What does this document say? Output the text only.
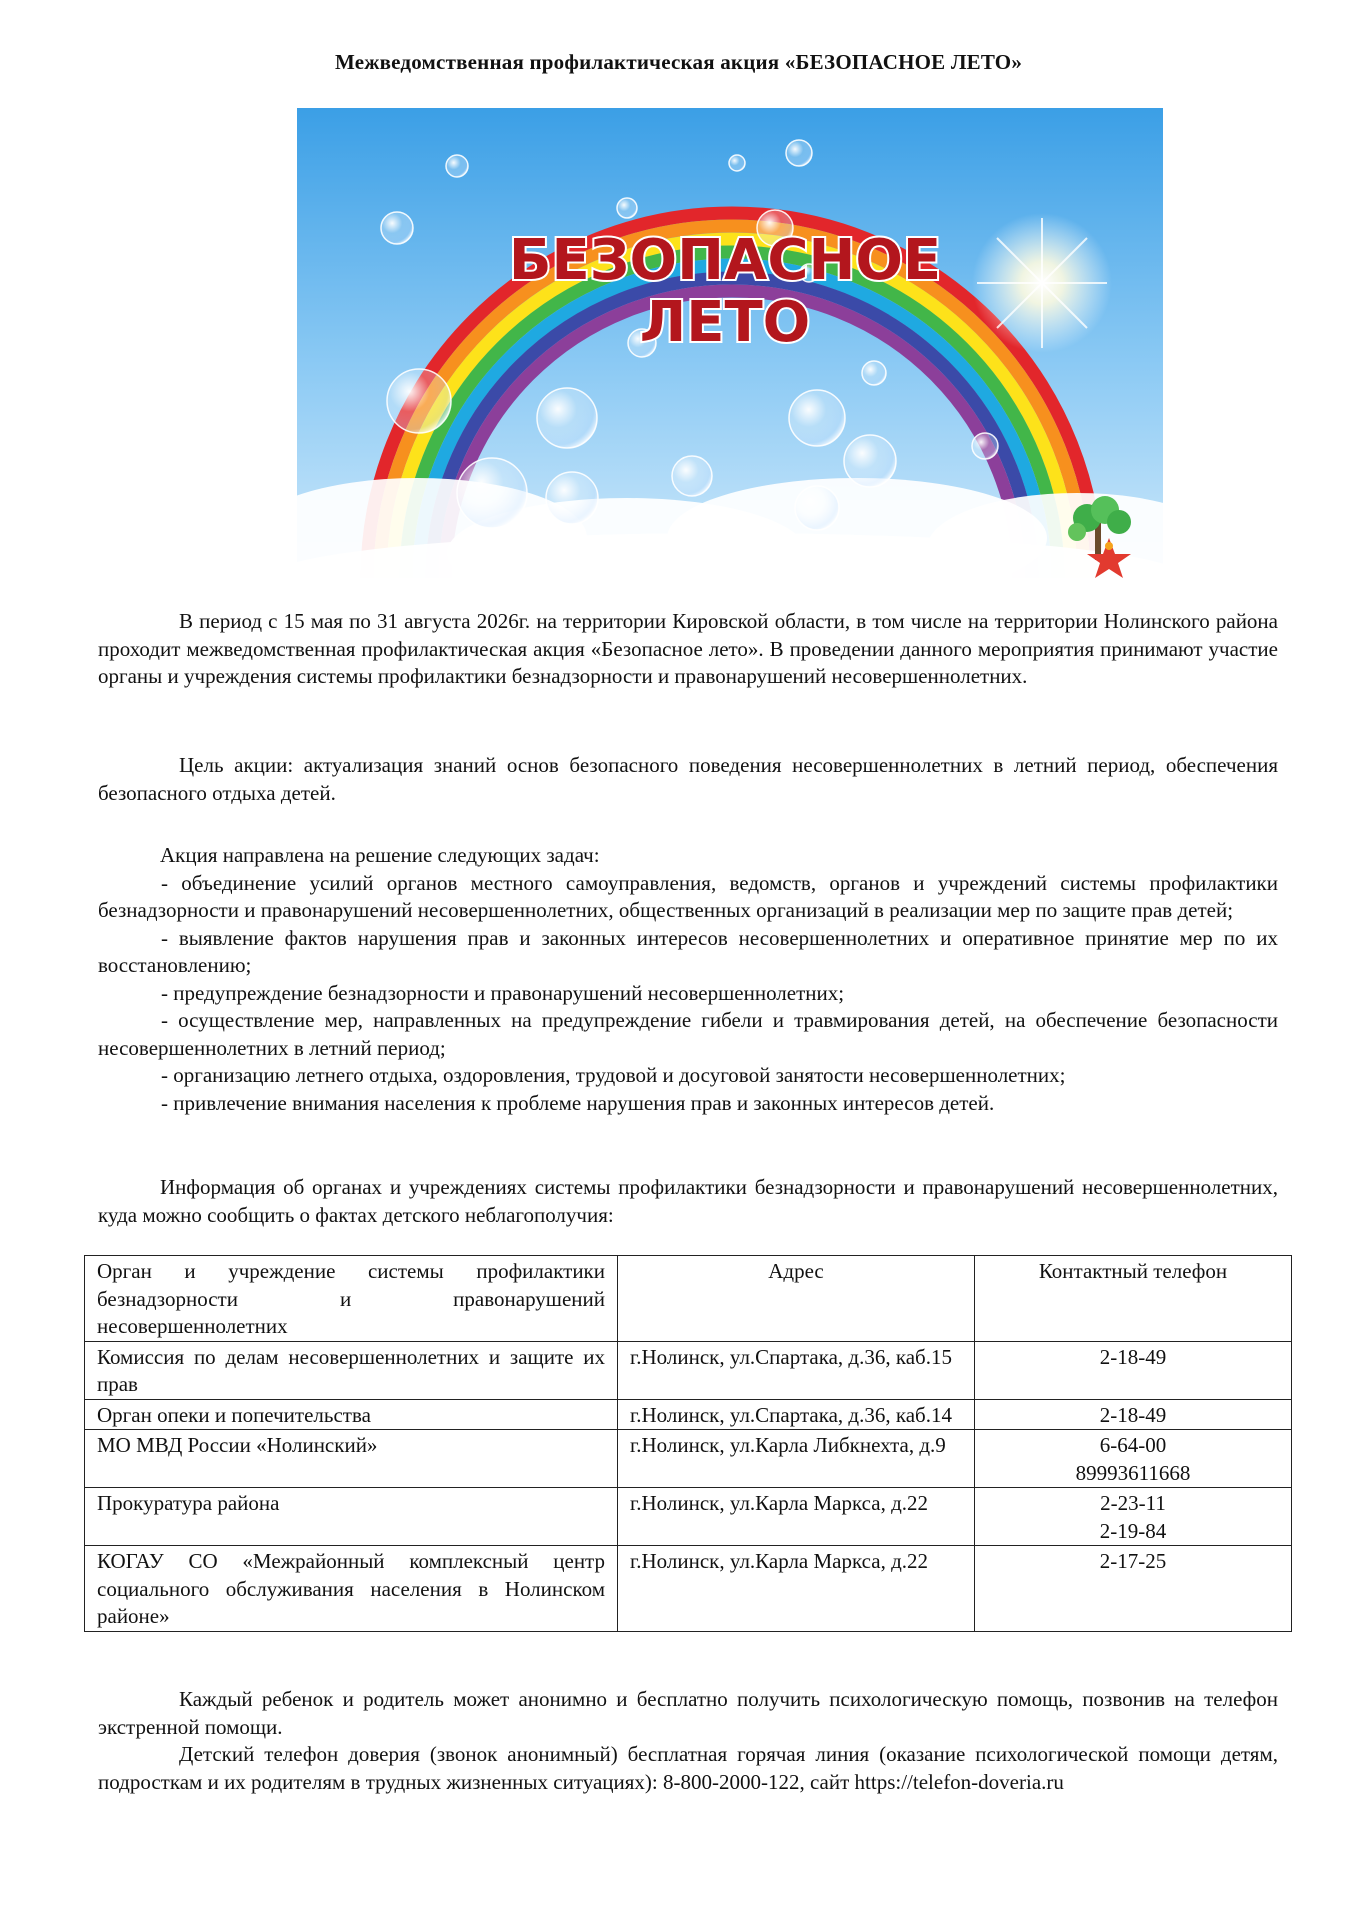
Межведомственная профилактическая акция «БЕЗОПАСНОЕ ЛЕТО»
БЕЗОПАСНОЕ
ЛЕТО

В период с 15 мая по 31 августа 2026г. на территории Кировской области, в том числе на территории Нолинского района проходит межведомственная профилактическая акция «Безопасное лето». В проведении данного мероприятия принимают участие органы и учреждения системы профилактики безнадзорности и правонарушений несовершеннолетних.

Цель акции: актуализация знаний основ безопасного поведения несовершеннолетних в летний период, обеспечения безопасного отдыха детей.

Акция направлена на решение следующих задач:

- объединение усилий органов местного самоуправления, ведомств, органов и учреждений системы профилактики безнадзорности и правонарушений несовершеннолетних, общественных организаций в реализации мер по защите прав детей;

- выявление фактов нарушения прав и законных интересов несовершеннолетних и оперативное принятие мер по их восстановлению;

- предупреждение безнадзорности и правонарушений несовершеннолетних;

- осуществление мер, направленных на предупреждение гибели и травмирования детей, на обеспечение безопасности несовершеннолетних в летний период;

- организацию летнего отдыха, оздоровления, трудовой и досуговой занятости несовершеннолетних;

- привлечение внимания населения к проблеме нарушения прав и законных интересов детей.

Информация об органах и учреждениях системы профилактики безнадзорности и правонарушений несовершеннолетних, куда можно сообщить о фактах детского неблагополучия:

Орган и учреждение системы профилактики безнадзорности и правонарушений несовершеннолетних	Адрес	Контактный телефон
Комиссия по делам несовершеннолетних и защите их прав	г.Нолинск, ул.Спартака, д.36, каб.15	2-18-49

Орган опеки и попечительства	г.Нолинск, ул.Спартака, д.36, каб.14	2-18-49

МО МВД России «Нолинский»	г.Нолинск, ул.Карла Либкнехта, д.9	6-64-00
89993611668

Прокуратура района	г.Нолинск, ул.Карла Маркса, д.22	2-23-11
2-19-84

КОГАУ СО «Межрайонный комплексный центр социального обслуживания населения в Нолинском районе»	г.Нолинск, ул.Карла Маркса, д.22	2-17-25

Каждый ребенок и родитель может анонимно и бесплатно получить психологическую помощь, позвонив на телефон экстренной помощи.

Детский телефон доверия (звонок анонимный) бесплатная горячая линия (оказание психологической помощи детям, подросткам и их родителям в трудных жизненных ситуациях): 8-800-2000-122, сайт https://telefon-doveria.ru
